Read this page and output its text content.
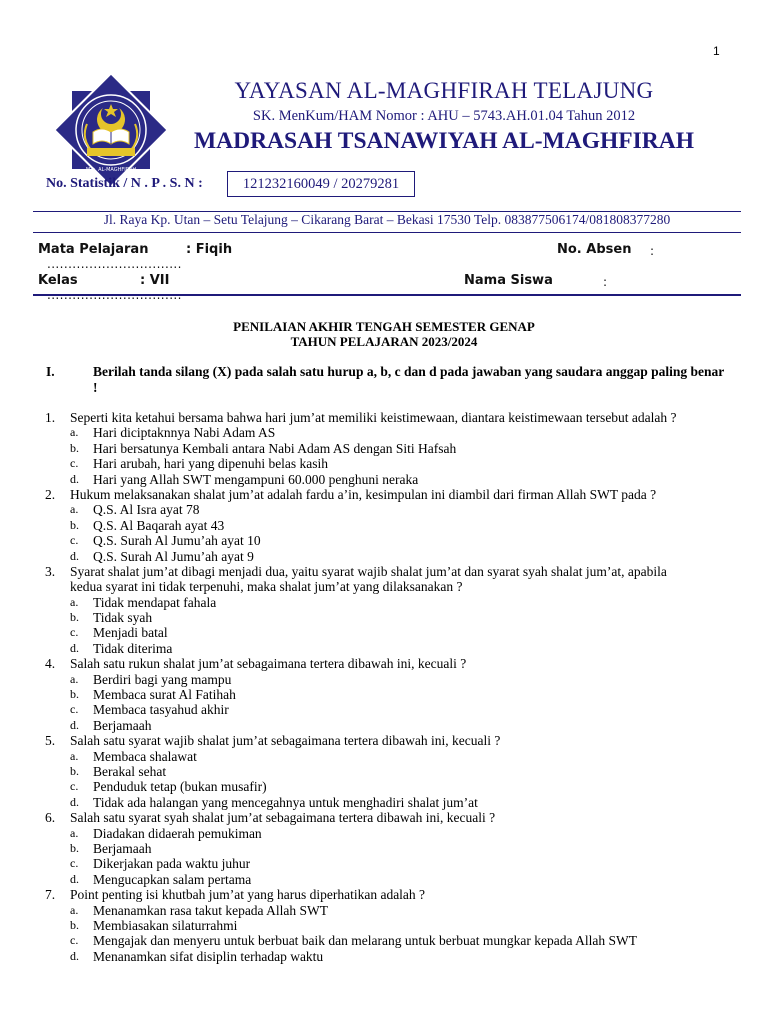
1
MTs. AL-MAGHFIRAH
YAYASAN AL-MAGHFIRAH TELAJUNG
SK. MenKum/HAM Nomor : AHU – 5743.AH.01.04 Tahun 2012
MADRASAH TSANAWIYAH AL-MAGHFIRAH
No. Statistik / N . P . S. N :	121232160049 / 20279281
Jl. Raya Kp. Utan – Setu Telajung – Cikarang Barat – Bekasi 17530 Telp. 083877506174/081808377280
Mata Pelajaran	: Fiqih	No. Absen :
................................
Kelas	: VII	Nama Siswa	:
................................
PENILAIAN AKHIR TENGAH SEMESTER GENAP
TAHUN PELAJARAN 2023/2024
I.	Berilah tanda silang (X) pada salah satu hurup a, b, c dan d pada jawaban yang saudara anggap paling benar !
1. Seperti kita ketahui bersama bahwa hari jum’at memiliki keistimewaan, diantara keistimewaan tersebut adalah ?
a. Hari diciptaknnya Nabi Adam AS
b. Hari bersatunya Kembali antara Nabi Adam AS dengan Siti Hafsah
c. Hari arubah, hari yang dipenuhi belas kasih
d. Hari yang Allah SWT mengampuni 60.000 penghuni neraka
2. Hukum melaksanakan shalat jum’at adalah fardu a’in, kesimpulan ini diambil dari firman Allah SWT pada ?
a. Q.S. Al Isra ayat 78
b. Q.S. Al Baqarah ayat 43
c. Q.S. Surah Al Jumu’ah ayat 10
d. Q.S. Surah Al Jumu’ah ayat 9
3. Syarat shalat jum’at dibagi menjadi dua, yaitu syarat wajib shalat jum’at dan syarat syah shalat jum’at, apabila
kedua syarat ini tidak terpenuhi, maka shalat jum’at yang dilaksanakan ?
a. Tidak mendapat fahala
b. Tidak syah
c. Menjadi batal
d. Tidak diterima
4. Salah satu rukun shalat jum’at sebagaimana tertera dibawah ini, kecuali ?
a. Berdiri bagi yang mampu
b. Membaca surat Al Fatihah
c. Membaca tasyahud akhir
d. Berjamaah
5. Salah satu syarat wajib shalat jum’at sebagaimana tertera dibawah ini, kecuali ?
a. Membaca shalawat
b. Berakal sehat
c. Penduduk tetap (bukan musafir)
d. Tidak ada halangan yang mencegahnya untuk menghadiri shalat jum’at
6. Salah satu syarat syah shalat jum’at sebagaimana tertera dibawah ini, kecuali ?
a. Diadakan didaerah pemukiman
b. Berjamaah
c. Dikerjakan pada waktu juhur
d. Mengucapkan salam pertama
7. Point penting isi khutbah jum’at yang harus diperhatikan adalah ?
a. Menanamkan rasa takut kepada Allah SWT
b. Membiasakan silaturrahmi
c. Mengajak dan menyeru untuk berbuat baik dan melarang untuk berbuat mungkar kepada Allah SWT
d. Menanamkan sifat disiplin terhadap waktu
